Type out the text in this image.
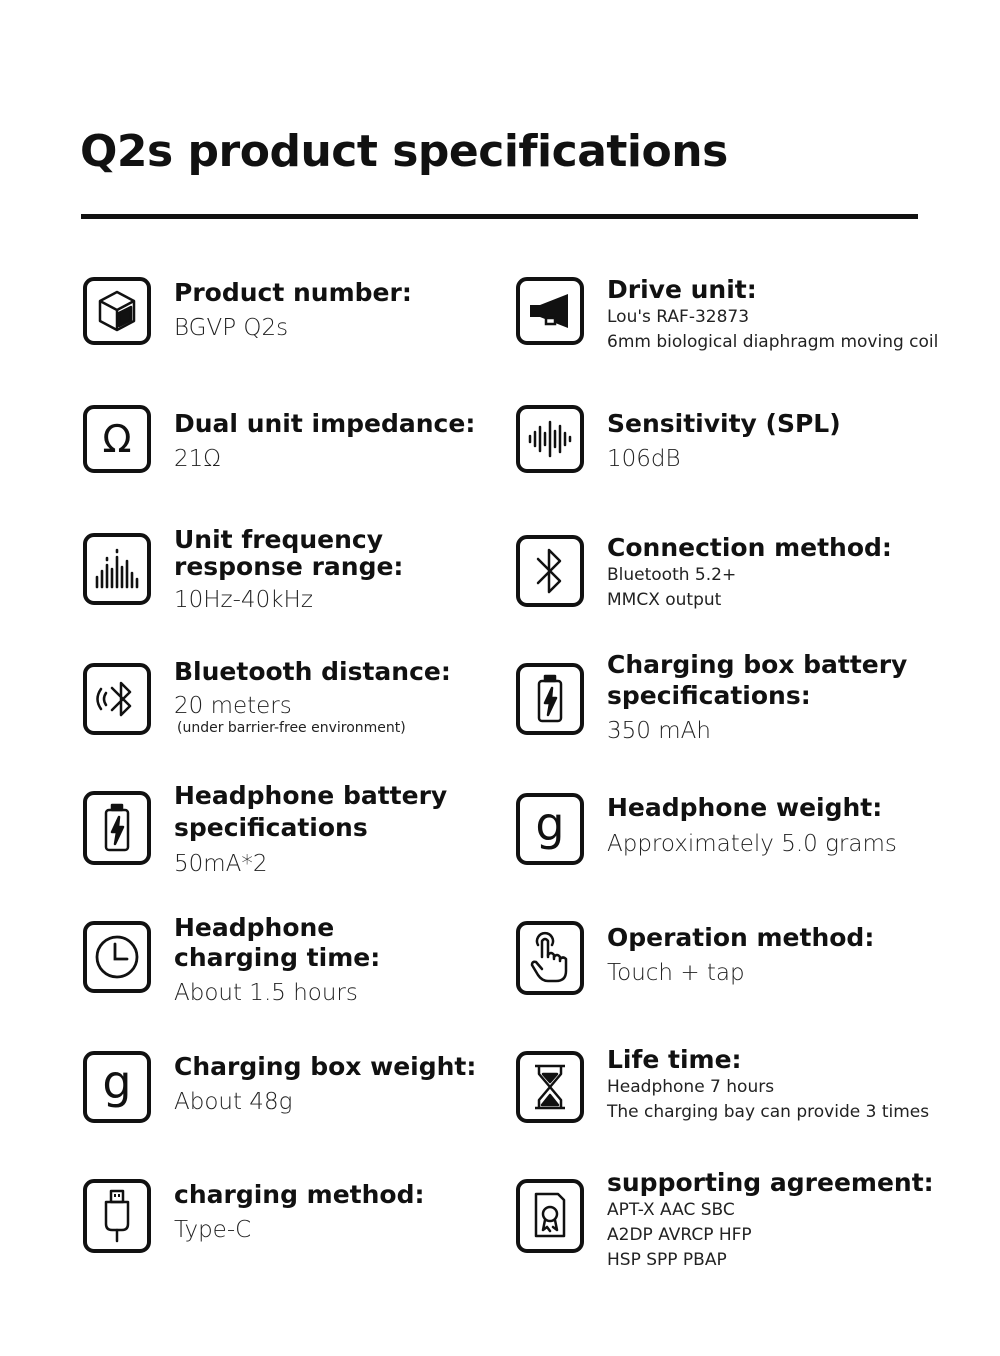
Q2s product specifications
Product number:
BGVP Q2s
Drive unit:
Lou's RAF-32873
6mm biological diaphragm moving coil
Ω Dual unit impedance:
21Ω
Sensitivity (SPL)
106dB
Unit frequency
response range:
10Hz-40kHz
Connection method:
Bluetooth 5.2+
MMCX output
Bluetooth distance:
20 meters
(under barrier-free environment)
Charging box battery
specifications:
350 mAh
Headphone battery
specifications
50mA*2
g Headphone weight:
Approximately 5.0 grams
Headphone
charging time:
About 1.5 hours
Operation method:
Touch + tap
g Charging box weight:
About 48g
Life time:
Headphone 7 hours
The charging bay can provide 3 times
charging method:
Type-C
supporting agreement:
APT-X AAC SBC
A2DP AVRCP HFP
HSP SPP PBAP
